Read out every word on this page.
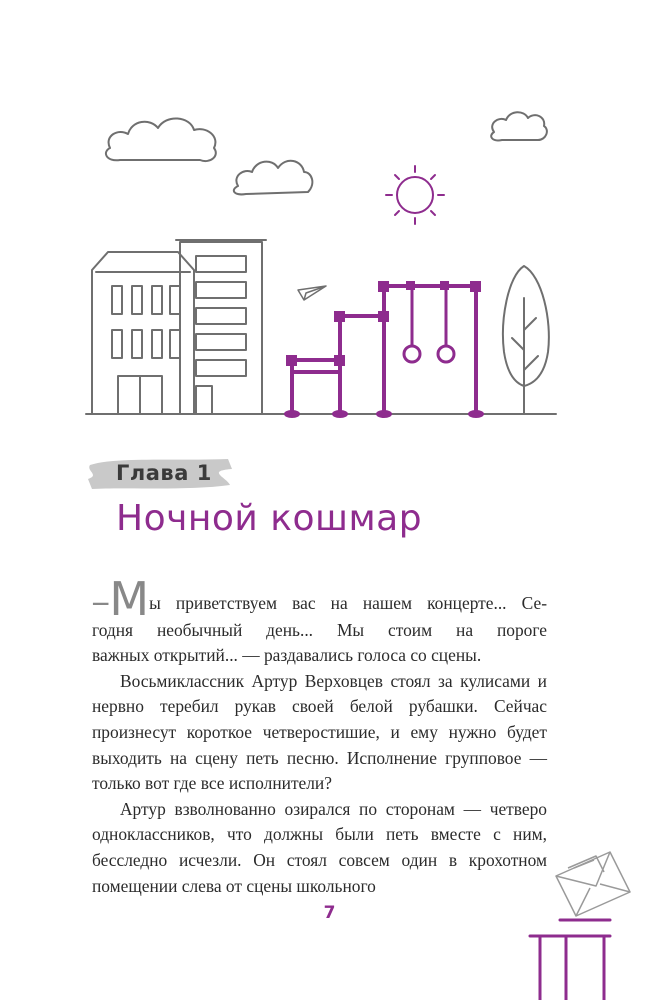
Глава 1
Ночной кошмар

—Мы приветствуем вас на нашем концерте... Се-

годня необычный день... Мы стоим на пороге

важных открытий... — раздавались голоса со сцены.

Восьмиклассник Артур Верховцев стоял за кулисами и нервно теребил рукав своей белой рубашки. Сейчас произнесут короткое четверостишие, и ему нужно будет выходить на сцену петь песню. Исполнение групповое — только вот где все исполнители?

Артур взволнованно озирался по сторонам — четверо одноклассников, что должны были петь вместе с ним, бесследно исчезли. Он стоял совсем один в крохотном помещении слева от сцены школьного

7
